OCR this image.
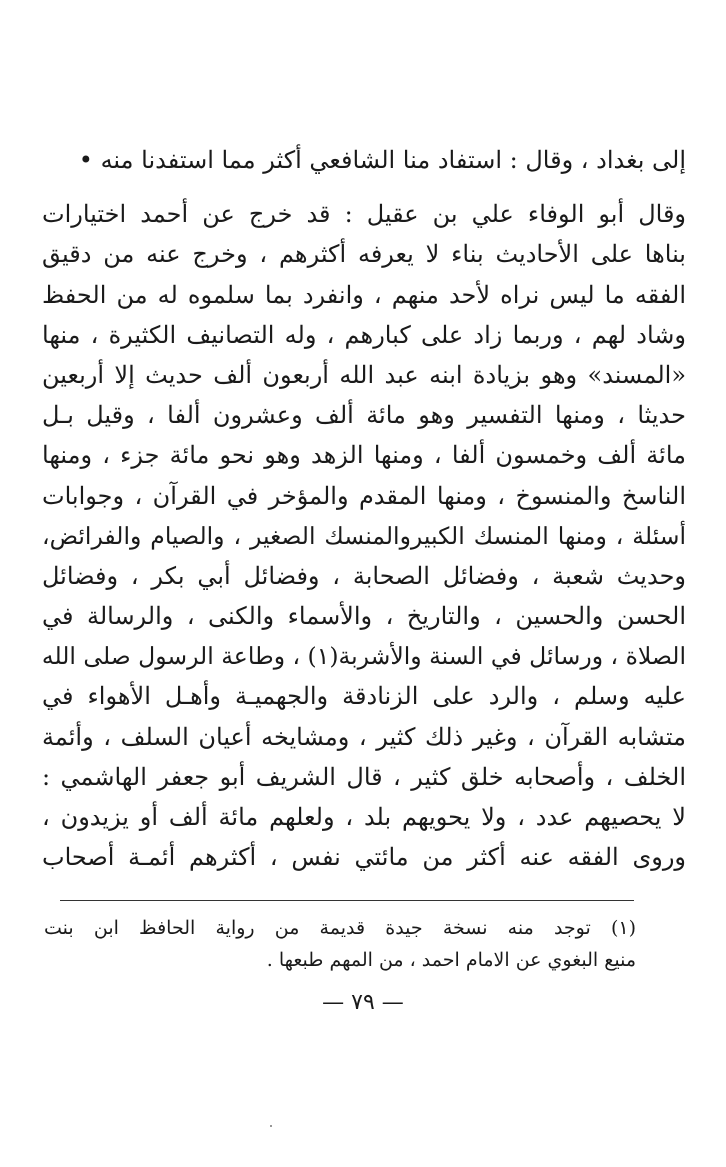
إلى بغداد ، وقال : استفاد منا الشافعي أكثر مما استفدنا منه •
وقال أبو الوفاء علي بن عقيل : قد خرج عن أحمد اختيارات
بناها على الأحاديث بناء لا يعرفه أكثرهم ، وخرج عنه من دقيق
الفقه ما ليس نراه لأحد منهم ، وانفرد بما سلموه له من الحفظ
وشاد لهم ، وربما زاد على كبارهم ، وله التصانيف الكثيرة ، منها
«المسند» وهو بزيادة ابنه عبد الله أربعون ألف حديث إلا أربعين
حديثا ، ومنها التفسير وهو مائة ألف وعشرون ألفا ، وقيل بـل
مائة ألف وخمسون ألفا ، ومنها الزهد وهو نحو مائة جزء ، ومنها
الناسخ والمنسوخ ، ومنها المقدم والمؤخر في القرآن ، وجوابات
أسئلة ، ومنها المنسك الكبيروالمنسك الصغير ، والصيام والفرائض،
وحديث شعبة ، وفضائل الصحابة ، وفضائل أبي بكر ، وفضائل
الحسن والحسين ، والتاريخ ، والأسماء والكنى ، والرسالة في
الصلاة ، ورسائل في السنة والأشربة(١) ، وطاعة الرسول صلى الله
عليه وسلم ، والرد على الزنادقة والجهميـة وأهـل الأهواء في
متشابه القرآن ، وغير ذلك كثير ، ومشايخه أعيان السلف ، وأئمة
الخلف ، وأصحابه خلق كثير ، قال الشريف أبو جعفر الهاشمي :
لا يحصيهم عدد ، ولا يحويهم بلد ، ولعلهم مائة ألف أو يزيدون ،
وروى الفقه عنه أكثر من مائتي نفس ، أكثرهم أئمـة أصحاب
(١) توجد منه نسخة جيدة قديمة من رواية الحافظ ابن بنت
منيع البغوي عن الامام احمد ، من المهم طبعها .
— ٧٩ —
